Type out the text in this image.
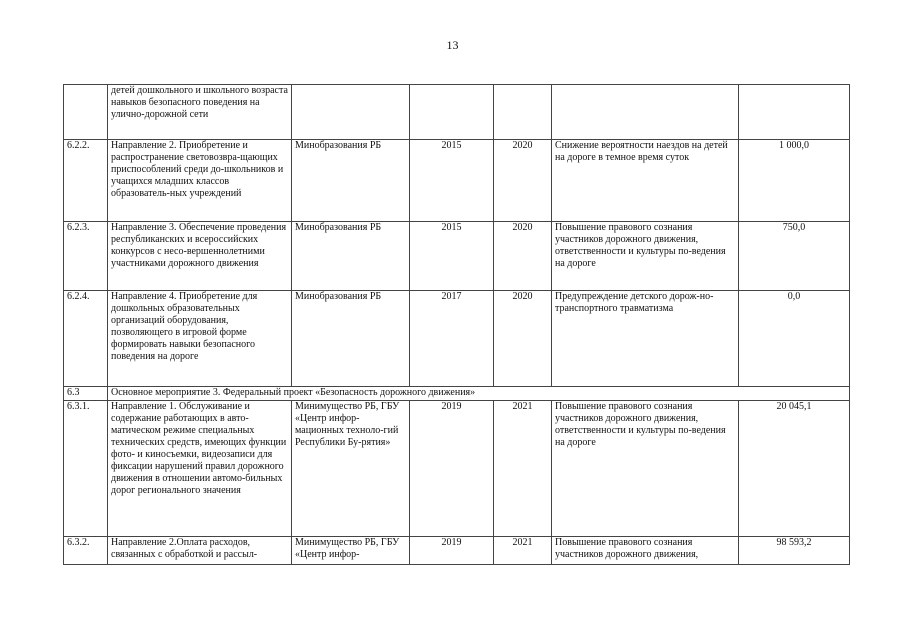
13
	детей дошкольного и школьного возраста навыков безопасного поведения на улично-дорожной сети					
6.2.2.	Направление 2. Приобретение и распространение световозвра-щающих приспособлений среди до-школьников и учащихся младших классов образователь-ных учреждений	Минобразования РБ	2015	2020	Снижение вероятности наездов на детей на дороге в темное время суток	1 000,0
6.2.3.	Направление 3. Обеспечение проведения республиканских и всероссийских конкурсов с несо-вершеннолетними участниками дорожного движения	Минобразования РБ	2015	2020	Повышение правового сознания участников дорожного движения, ответственности и культуры по-ведения на дороге	750,0
6.2.4.	Направление 4. Приобретение для дошкольных образовательных организаций оборудования, позволяющего в игровой форме формировать навыки безопасного поведения на дороге	Минобразования РБ	2017	2020	Предупреждение детского дорож-но-транспортного травматизма	0,0
6.3	Основное мероприятие 3. Федеральный проект «Безопасность дорожного движения»					
6.3.1.	Направление 1. Обслуживание и содержание работающих в авто-матическом режиме специальных технических средств, имеющих функции фото- и киносъемки, видеозаписи для фиксации нарушений правил дорожного движения в отношении автомо-бильных дорог регионального значения	Минимущество РБ, ГБУ «Центр инфор-мационных техноло-гий Республики Бу-рятия»	2019	2021	Повышение правового сознания участников дорожного движения, ответственности и культуры по-ведения на дороге	20 045,1
6.3.2.	Направление 2.Оплата расходов, связанных с обработкой и рассыл-	Минимущество РБ, ГБУ «Центр инфор-	2019	2021	Повышение правового сознания участников дорожного движения,	98 593,2
